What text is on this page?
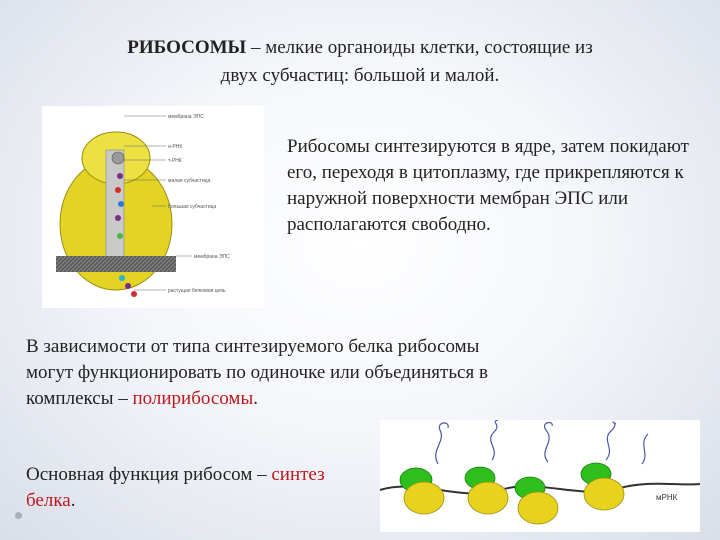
РИБОСОМЫ – мелкие органоиды клетки, состоящие из
двух субчастиц: большой и малой.
мембрана ЭПС
и-РНК
т-РНК
малая субчастица
большая субчастица
мембрана ЭПС
растущая белковая цепь
Рибосомы синтезируются в ядре, затем покидают его, переходя в цитоплазму, где прикрепляются к наружной поверхности мембран ЭПС или располагаются свободно.
В зависимости от типа синтезируемого белка рибосомы могут функционировать по одиночке или объединяться в комплексы – полирибосомы.
Основная функция рибосом – синтез белка.	мРНК
